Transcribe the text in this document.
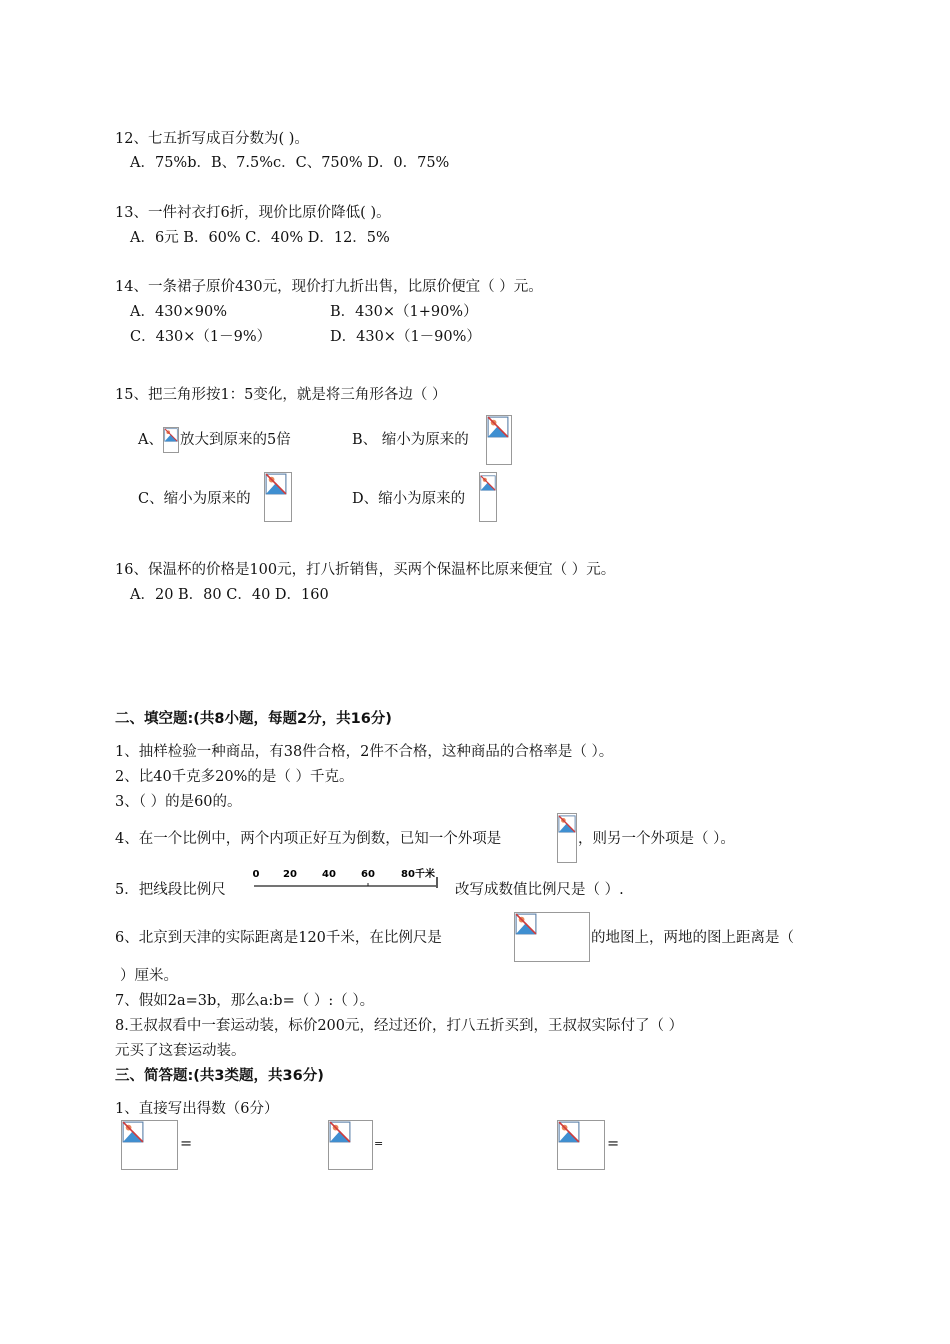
12、七五折写成百分数为( )。
A．75%b．B、7.5%c．C、750% D．0．75%
13、一件衬衣打6折，现价比原价降低( )。
A．6元 B．60% C．40% D．12．5%
14、一条裙子原价430元，现价打九折出售，比原价便宜（ ）元。
A．430×90%	B．430×（1+90%）
C．430×（1－9%）	D．430×（1－90%）
15、把三角形按1：5变化，就是将三角形各边（ ）
A、 放大到原来的5倍	B、 缩小为原来的
C、缩小为原来的	D、缩小为原来的
16、保温杯的价格是100元，打八折销售，买两个保温杯比原来便宜（ ）元。
A．20 B．80 C．40 D．160
二、填空题:(共8小题，每题2分，共16分)
1、抽样检验一种商品，有38件合格，2件不合格，这种商品的合格率是（ ）。
2、比40千克多20%的是（ ）千克。
3、（ ）的是60的。
4、在一个比例中，两个内项正好互为倒数，已知一个外项是	，则另一个外项是（ ）。
5．把线段比例尺
0 20	40	60	80千米
改写成数值比例尺是（ ）.
6、北京到天津的实际距离是120千米，在比例尺是	的地图上，两地的图上距离是（
）厘米。
7、假如2a=3b，那么a:b=（ ）:（ ）。
8.王叔叔看中一套运动装，标价200元，经过还价，打八五折买到，王叔叔实际付了（ ）
元买了这套运动装。
三、简答题:(共3类题，共36分)
1、直接写出得数（6分）
=	=	=
